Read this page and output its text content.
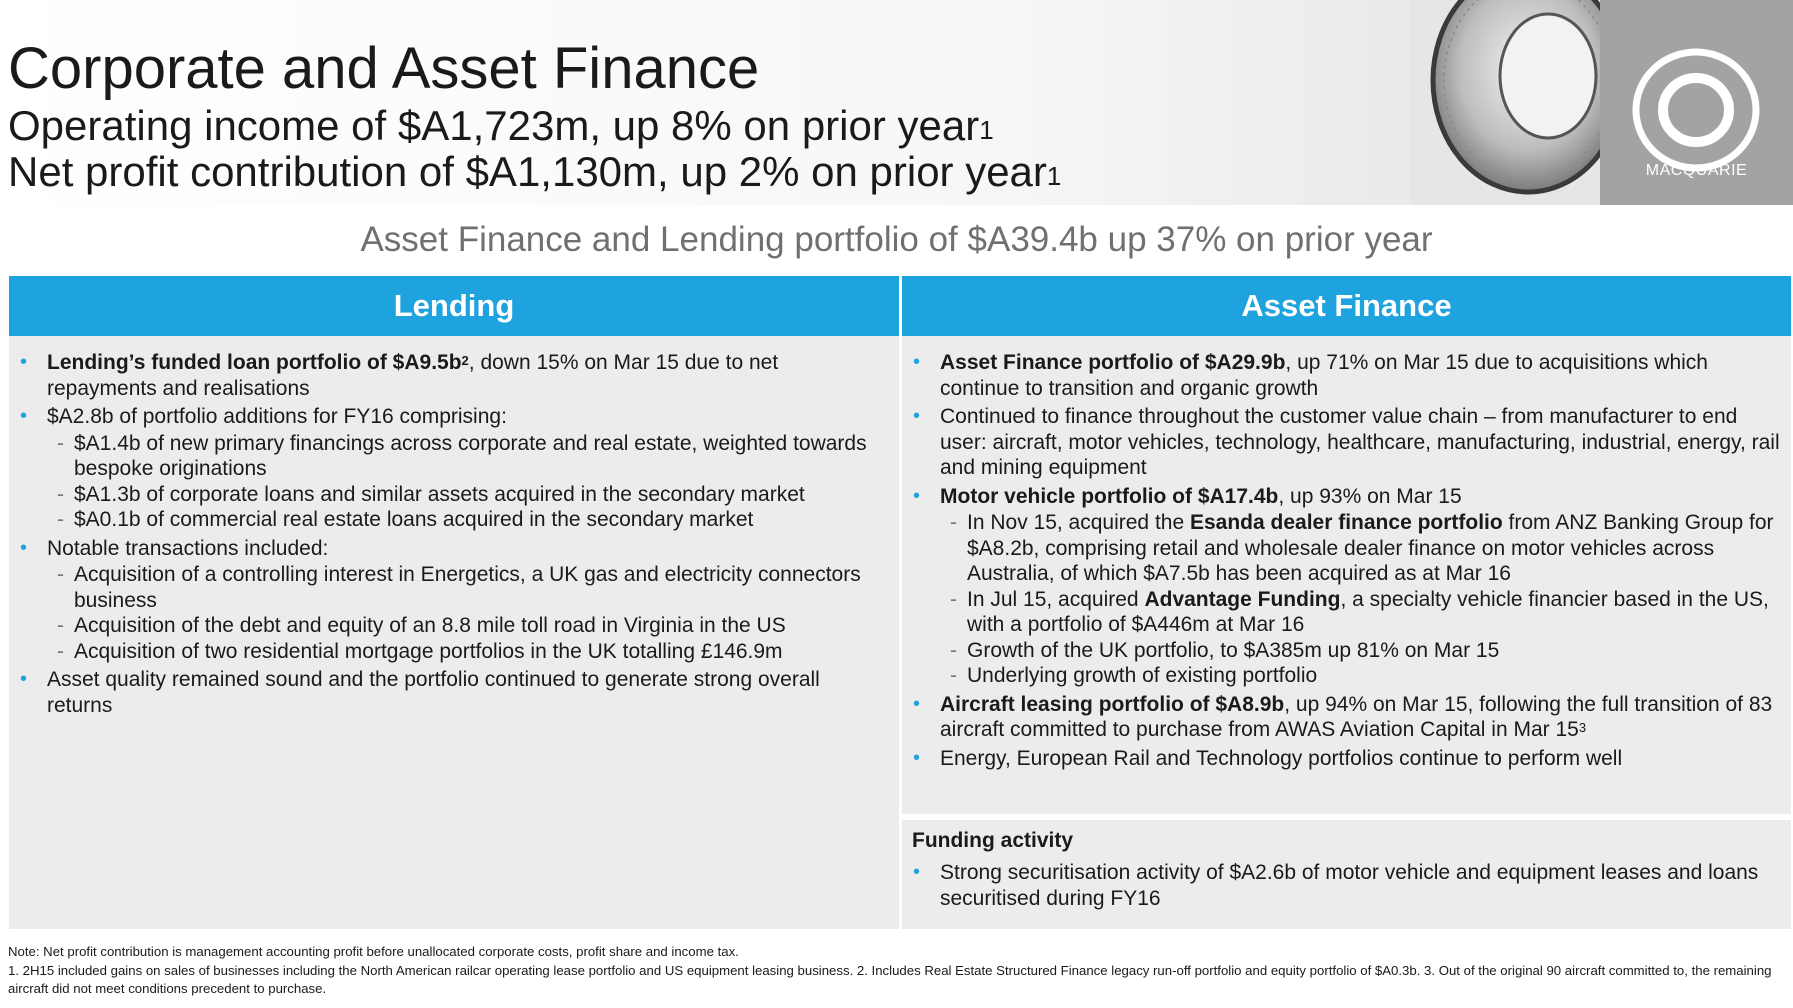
Corporate and Asset Finance
Operating income of $A1,723m, up 8% on prior year$^1$
Net profit contribution of $A1,130m, up 2% on prior year$^1$	MACQUARIE
Asset Finance and Lending portfolio of $A39.4b up 37% on prior year
Lending
• Lending’s funded loan portfolio of $A9.5b$^2$, down 15% on Mar 15 due to net repayments and realisations
• $A2.8b of portfolio additions for FY16 comprising:
- $A1.4b of new primary financings across corporate and real estate, weighted towards bespoke originations
- $A1.3b of corporate loans and similar assets acquired in the secondary market
- $A0.1b of commercial real estate loans acquired in the secondary market
• Notable transactions included:
- Acquisition of a controlling interest in Energetics, a UK gas and electricity connectors business
- Acquisition of the debt and equity of an 8.8 mile toll road in Virginia in the US
- Acquisition of two residential mortgage portfolios in the UK totalling £146.9m
• Asset quality remained sound and the portfolio continued to generate strong overall returns
Asset Finance
• Asset Finance portfolio of $A29.9b, up 71% on Mar 15 due to acquisitions which continue to transition and organic growth
• Continued to finance throughout the customer value chain – from manufacturer to end user: aircraft, motor vehicles, technology, healthcare, manufacturing, industrial, energy, rail and mining equipment
• Motor vehicle portfolio of $A17.4b, up 93% on Mar 15
- In Nov 15, acquired the Esanda dealer finance portfolio from ANZ Banking Group for $A8.2b, comprising retail and wholesale dealer finance on motor vehicles across Australia, of which $A7.5b has been acquired as at Mar 16
- In Jul 15, acquired Advantage Funding, a specialty vehicle financier based in the US, with a portfolio of $A446m at Mar 16
- Growth of the UK portfolio, to $A385m up 81% on Mar 15
- Underlying growth of existing portfolio
• Aircraft leasing portfolio of $A8.9b, up 94% on Mar 15, following the full transition of 83 aircraft committed to purchase from AWAS Aviation Capital in Mar 15$^3$
• Energy, European Rail and Technology portfolios continue to perform well
Funding activity
• Strong securitisation activity of $A2.6b of motor vehicle and equipment leases and loans securitised during FY16
Note: Net profit contribution is management accounting profit before unallocated corporate costs, profit share and income tax.
1. 2H15 included gains on sales of businesses including the North American railcar operating lease portfolio and US equipment leasing business. 2. Includes Real Estate Structured Finance legacy run-off portfolio and equity portfolio of $A0.3b. 3. Out of the original 90 aircraft committed to, the remaining aircraft did not meet conditions precedent to purchase.
